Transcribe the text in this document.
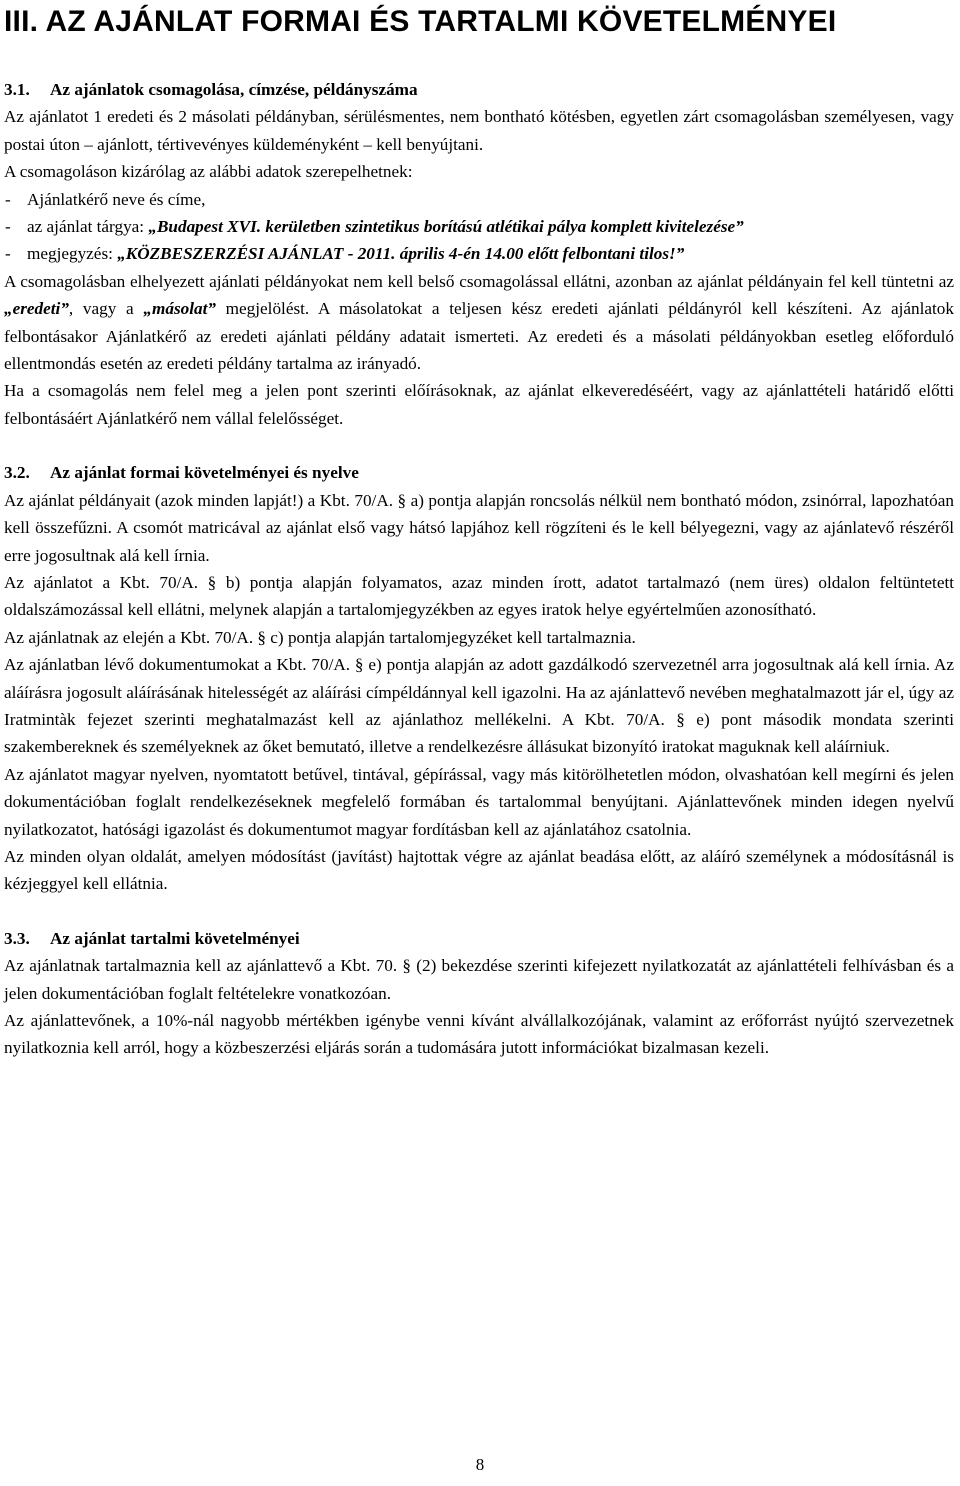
III. AZ AJÁNLAT FORMAI ÉS TARTALMI KÖVETELMÉNYEI
3.1. Az ajánlatok csomagolása, címzése, példányszáma

Az ajánlatot 1 eredeti és 2 másolati példányban, sérülésmentes, nem bontható kötésben, egyetlen zárt csomagolásban személyesen, vagy postai úton – ajánlott, tértivevényes küldeményként – kell benyújtani.

A csomagoláson kizárólag az alábbi adatok szerepelhetnek:

- Ajánlatkérő neve és címe,
- az ajánlat tárgya: „Budapest XVI. kerületben szintetikus borítású atlétikai pálya komplett kivitelezése”
- megjegyzés: „KÖZBESZERZÉSI AJÁNLAT - 2011. április 4-én 14.00 előtt felbontani tilos!”

A csomagolásban elhelyezett ajánlati példányokat nem kell belső csomagolással ellátni, azonban az ajánlat példányain fel kell tüntetni az „eredeti”, vagy a „másolat” megjelölést. A másolatokat a teljesen kész eredeti ajánlati példányról kell készíteni. Az ajánlatok felbontásakor Ajánlatkérő az eredeti ajánlati példány adatait ismerteti. Az eredeti és a másolati példányokban esetleg előforduló ellentmondás esetén az eredeti példány tartalma az irányadó.

Ha a csomagolás nem felel meg a jelen pont szerinti előírásoknak, az ajánlat elkeveredéséért, vagy az ajánlattételi határidő előtti felbontásáért Ajánlatkérő nem vállal felelősséget.

3.2. Az ajánlat formai követelményei és nyelve

Az ajánlat példányait (azok minden lapját!) a Kbt. 70/A. § a) pontja alapján roncsolás nélkül nem bontható módon, zsinórral, lapozhatóan kell összefűzni. A csomót matricával az ajánlat első vagy hátsó lapjához kell rögzíteni és le kell bélyegezni, vagy az ajánlatevő részéről erre jogosultnak alá kell írnia.

Az ajánlatot a Kbt. 70/A. § b) pontja alapján folyamatos, azaz minden írott, adatot tartalmazó (nem üres) oldalon feltüntetett oldalszámozással kell ellátni, melynek alapján a tartalomjegyzékben az egyes iratok helye egyértelműen azonosítható.

Az ajánlatnak az elején a Kbt. 70/A. § c) pontja alapján tartalomjegyzéket kell tartalmaznia.

Az ajánlatban lévő dokumentumokat a Kbt. 70/A. § e) pontja alapján az adott gazdálkodó szervezetnél arra jogosultnak alá kell írnia. Az aláírásra jogosult aláírásának hitelességét az aláírási címpéldánnyal kell igazolni. Ha az ajánlattevő nevében meghatalmazott jár el, úgy az Iratmintàk fejezet szerinti meghatalmazást kell az ajánlathoz mellékelni. A Kbt. 70/A. § e) pont második mondata szerinti szakembereknek és személyeknek az őket bemutató, illetve a rendelkezésre állásukat bizonyító iratokat maguknak kell aláírniuk.

Az ajánlatot magyar nyelven, nyomtatott betűvel, tintával, gépírással, vagy más kitörölhetetlen módon, olvashatóan kell megírni és jelen dokumentációban foglalt rendelkezéseknek megfelelő formában és tartalommal benyújtani. Ajánlattevőnek minden idegen nyelvű nyilatkozatot, hatósági igazolást és dokumentumot magyar fordításban kell az ajánlatához csatolnia.

Az minden olyan oldalát, amelyen módosítást (javítást) hajtottak végre az ajánlat beadása előtt, az aláíró személynek a módosításnál is kézjeggyel kell ellátnia.

3.3. Az ajánlat tartalmi követelményei

Az ajánlatnak tartalmaznia kell az ajánlattevő a Kbt. 70. § (2) bekezdése szerinti kifejezett nyilatkozatát az ajánlattételi felhívásban és a jelen dokumentációban foglalt feltételekre vonatkozóan.

Az ajánlattevőnek, a 10%-nál nagyobb mértékben igénybe venni kívánt alvállalkozójának, valamint az erőforrást nyújtó szervezetnek nyilatkoznia kell arról, hogy a közbeszerzési eljárás során a tudomására jutott információkat bizalmasan kezeli.

8
